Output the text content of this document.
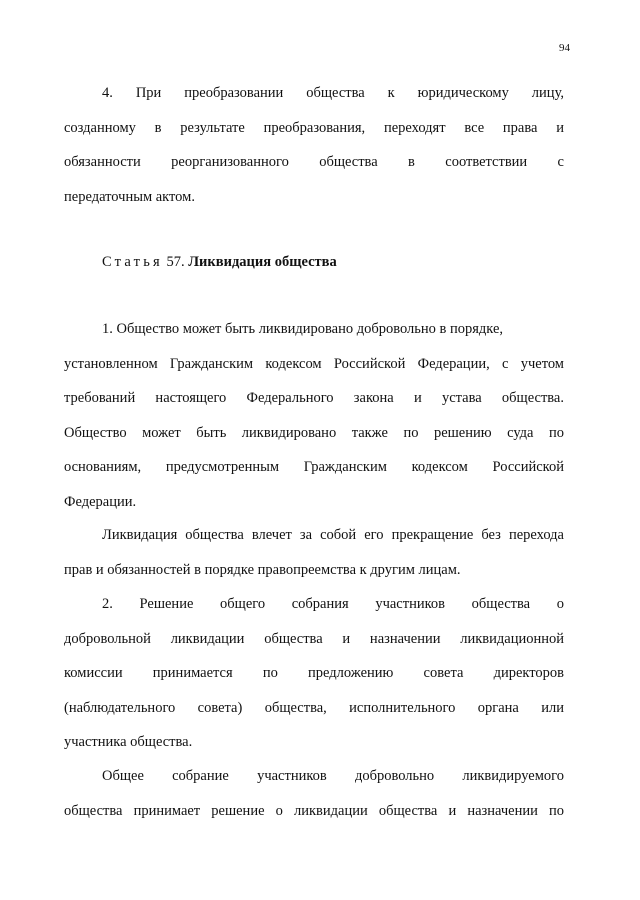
94

4. При преобразовании общества к юридическому лицу,
созданному в результате преобразования, переходят все права и
обязанности реорганизованного общества в соответствии с
передаточным актом.
Статья 57. Ликвидация общества
1. Общество может быть ликвидировано добровольно в порядке,
установленном Гражданским кодексом Российской Федерации, с учетом
требований настоящего Федерального закона и устава общества.
Общество может быть ликвидировано также по решению суда по
основаниям, предусмотренным Гражданским кодексом Российской
Федерации.
Ликвидация общества влечет за собой его прекращение без перехода
прав и обязанностей в порядке правопреемства к другим лицам.
2. Решение общего собрания участников общества о
добровольной ликвидации общества и назначении ликвидационной
комиссии принимается по предложению совета директоров
(наблюдательного совета) общества, исполнительного органа или
участника общества.
Общее собрание участников добровольно ликвидируемого
общества принимает решение о ликвидации общества и назначении по
